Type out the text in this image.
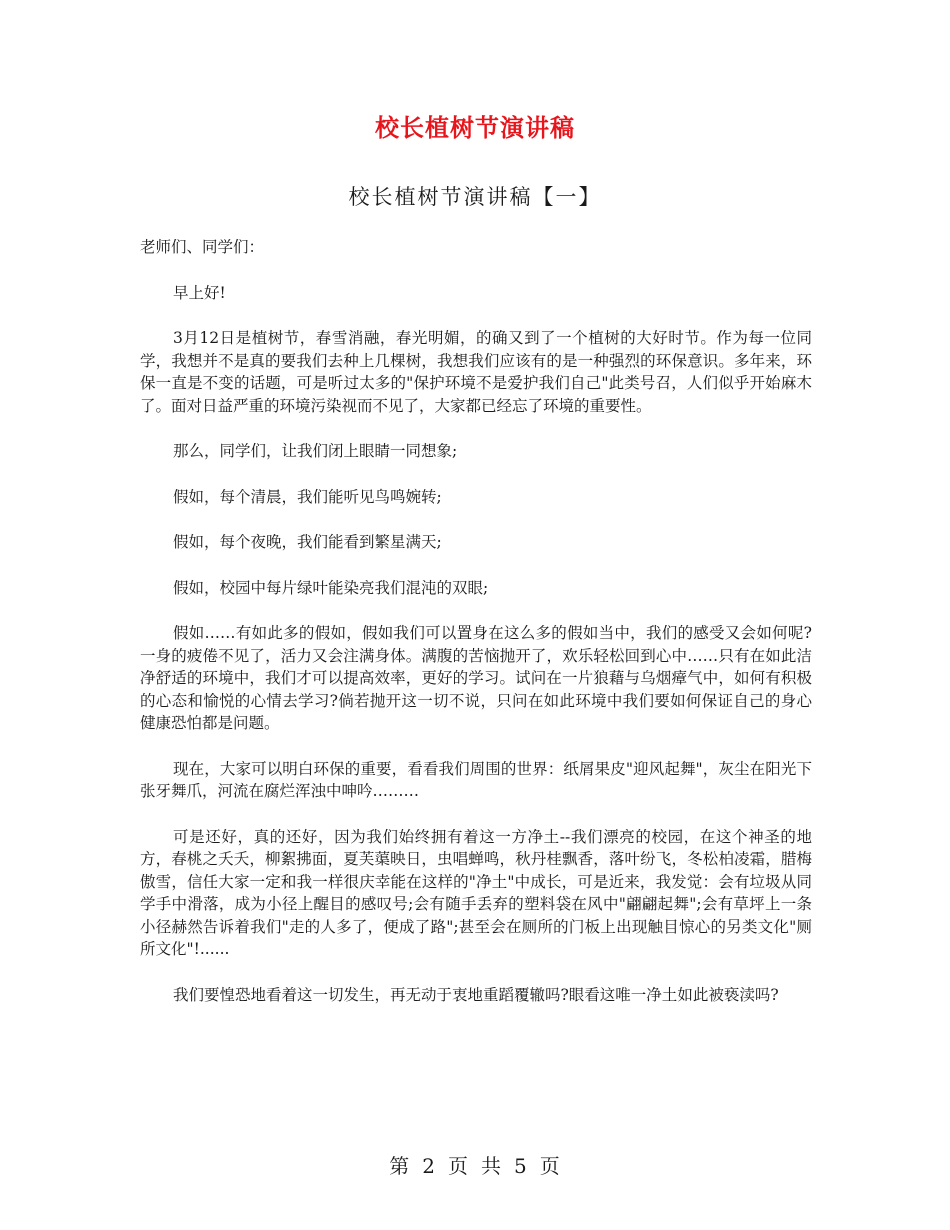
校长植树节演讲稿
校长植树节演讲稿【一】

老师们、同学们：

早上好!

3月12日是植树节，春雪消融，春光明媚，的确又到了一个植树的大好时节。作为每一位同学，我想并不是真的要我们去种上几棵树，我想我们应该有的是一种强烈的环保意识。多年来，环保一直是不变的话题，可是听过太多的"保护环境不是爱护我们自己"此类号召，人们似乎开始麻木了。面对日益严重的环境污染视而不见了，大家都已经忘了环境的重要性。

那么，同学们，让我们闭上眼睛一同想象;

假如，每个清晨，我们能听见鸟鸣婉转;

假如，每个夜晚，我们能看到繁星满天;

假如，校园中每片绿叶能染亮我们混沌的双眼;

假如……有如此多的假如，假如我们可以置身在这么多的假如当中，我们的感受又会如何呢?一身的疲倦不见了，活力又会注满身体。满腹的苦恼抛开了，欢乐轻松回到心中……只有在如此洁净舒适的环境中，我们才可以提高效率，更好的学习。试问在一片狼藉与乌烟瘴气中，如何有积极的心态和愉悦的心情去学习?倘若抛开这一切不说，只问在如此环境中我们要如何保证自己的身心健康恐怕都是问题。

现在，大家可以明白环保的重要，看看我们周围的世界：纸屑果皮"迎风起舞"，灰尘在阳光下张牙舞爪，河流在腐烂浑浊中呻吟………

可是还好，真的还好，因为我们始终拥有着这一方净土--我们漂亮的校园，在这个神圣的地方，春桃之夭夭，柳絮拂面，夏芙蕖映日，虫唱蝉鸣，秋丹桂飘香，落叶纷飞，冬松柏凌霜，腊梅傲雪，信任大家一定和我一样很庆幸能在这样的"净土"中成长，可是近来，我发觉：会有垃圾从同学手中滑落，成为小径上醒目的感叹号;会有随手丢弃的塑料袋在风中"翩翩起舞";会有草坪上一条小径赫然告诉着我们"走的人多了，便成了路";甚至会在厕所的门板上出现触目惊心的另类文化"厕所文化"!......

我们要惶恐地看着这一切发生，再无动于衷地重蹈覆辙吗?眼看这唯一净土如此被亵渎吗?

第 2 页 共 5 页
